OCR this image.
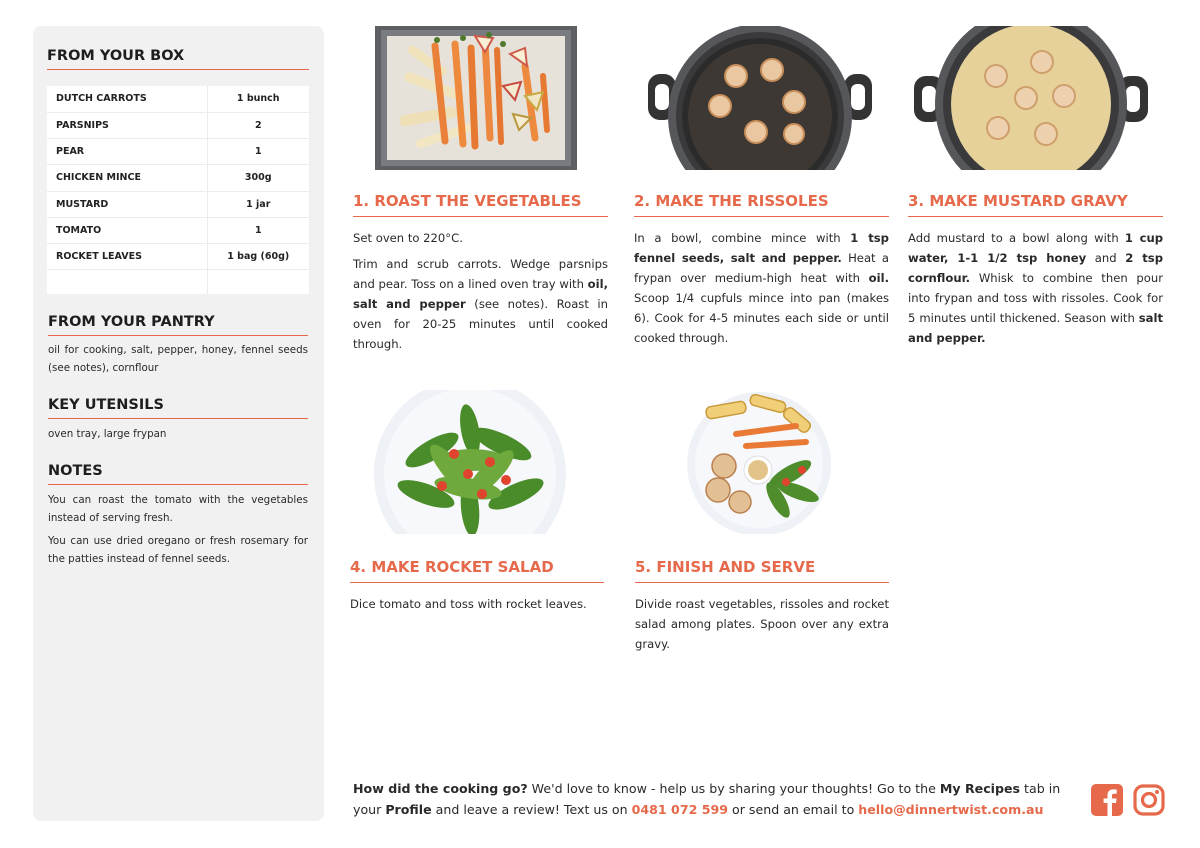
FROM YOUR BOX
DUTCH CARROTS	1 bunch
PARSNIPS	2
PEAR	1
CHICKEN MINCE	300g
MUSTARD	1 jar
TOMATO	1
ROCKET LEAVES	1 bag (60g)

FROM YOUR PANTRY
oil for cooking, salt, pepper, honey, fennel seeds (see notes), cornflour
KEY UTENSILS
oven tray, large frypan
NOTES
You can roast the tomato with the vegetables instead of serving fresh.
You can use dried oregano or fresh rosemary for the patties instead of fennel seeds.
1. ROAST THE VEGETABLES

Set oven to 220°C.

Trim and scrub carrots. Wedge parsnips and pear. Toss on a lined oven tray with oil, salt and pepper (see notes). Roast in oven for 20-25 minutes until cooked through.

2. MAKE THE RISSOLES

In a bowl, combine mince with 1 tsp fennel seeds, salt and pepper. Heat a frypan over medium-high heat with oil. Scoop 1/4 cupfuls mince into pan (makes 6). Cook for 4-5 minutes each side or until cooked through.

3. MAKE MUSTARD GRAVY

Add mustard to a bowl along with 1 cup water, 1-1 1/2 tsp honey and 2 tsp cornflour. Whisk to combine then pour into frypan and toss with rissoles. Cook for 5 minutes until thickened. Season with salt and pepper.

4. MAKE ROCKET SALAD

Dice tomato and toss with rocket leaves.

5. FINISH AND SERVE

Divide roast vegetables, rissoles and rocket salad among plates. Spoon over any extra gravy.

How did the cooking go? We'd love to know - help us by sharing your thoughts! Go to the My Recipes tab in your Profile and leave a review! Text us on 0481 072 599 or send an email to hello@dinnertwist.com.au
